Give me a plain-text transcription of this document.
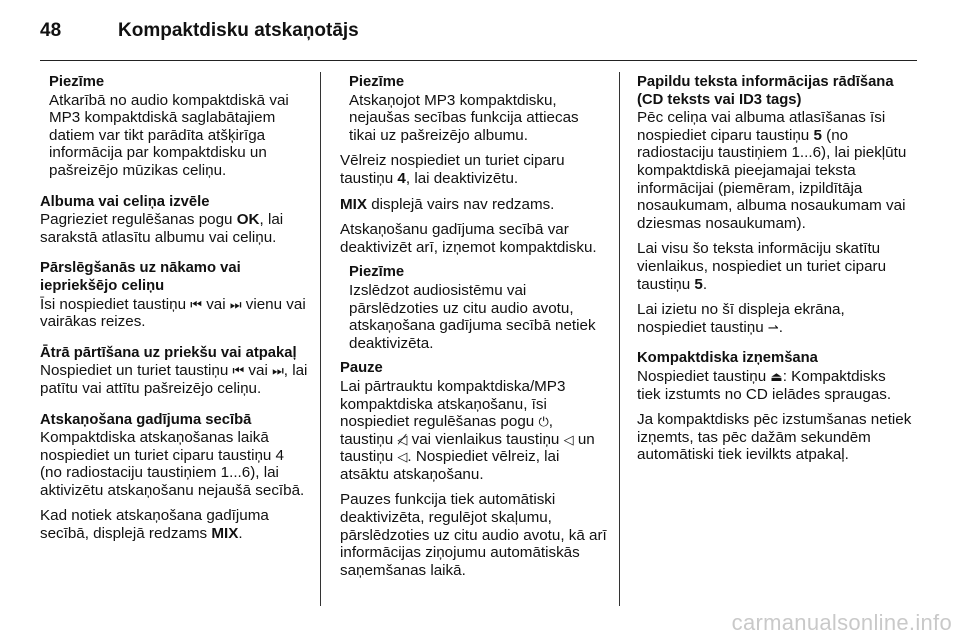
48	Kompaktdisku atskaņotājs
Piezīme
Atkarībā no audio kompaktdiskā vai MP3 kompaktdiskā saglabātajiem datiem var tikt parādīta atšķirīga informācija par kompaktdisku un pašreizējo mūzikas celiņu.
Albuma vai celiņa izvēle

Pagrieziet regulēšanas pogu OK, lai sarakstā atlasītu albumu vai celiņu.

Pārslēgšanās uz nākamo vai iepriekšējo celiņu

Īsi nospiediet taustiņu ⏮ vai ⏭ vienu vai vairākas reizes.

Ātrā pārtīšana uz priekšu vai atpakaļ

Nospiediet un turiet taustiņu ⏮ vai ⏭, lai patītu vai attītu pašreizējo celiņu.

Atskaņošana gadījuma secībā

Kompaktdiska atskaņošanas laikā nospiediet un turiet ciparu taustiņu 4 (no radiostaciju taustiņiem 1...6), lai aktivizētu atskaņošanu nejaušā secībā.

Kad notiek atskaņošana gadījuma secībā, displejā redzams MIX.

Piezīme
Atskaņojot MP3 kompaktdisku, nejaušas secības funkcija attiecas tikai uz pašreizējo albumu.

Vēlreiz nospiediet un turiet ciparu taustiņu 4, lai deaktivizētu.

MIX displejā vairs nav redzams.

Atskaņošanu gadījuma secībā var deaktivizēt arī, izņemot kompaktdisku.

Piezīme
Izslēdzot audiosistēmu vai pārslēdzoties uz citu audio avotu, atskaņošana gadījuma secībā netiek deaktivizēta.
Pauze

Lai pārtrauktu kompaktdiska/MP3 kompaktdiska atskaņošanu, īsi nospiediet regulēšanas pogu ⏻, taustiņu ◁̸ vai vienlaikus taustiņu ◁ un taustiņu ◁. Nospiediet vēlreiz, lai atsāktu atskaņošanu.

Pauzes funkcija tiek automātiski deaktivizēta, regulējot skaļumu, pārslēdzoties uz citu audio avotu, kā arī informācijas ziņojumu automātiskās saņemšanas laikā.

Papildu teksta informācijas rādīšana (CD teksts vai ID3 tags)

Pēc celiņa vai albuma atlasīšanas īsi nospiediet ciparu taustiņu 5 (no radiostaciju taustiņiem 1...6), lai piekļūtu kompaktdiskā pieejamajai teksta informācijai (piemēram, izpildītāja nosaukumam, albuma nosaukumam vai dziesmas nosaukumam).

Lai visu šo teksta informāciju skatītu vienlaikus, nospiediet un turiet ciparu taustiņu 5.

Lai izietu no šī displeja ekrāna, nospiediet taustiņu ⇀.

Kompaktdiska izņemšana

Nospiediet taustiņu ⏏: Kompaktdisks tiek izstumts no CD ielādes spraugas.

Ja kompaktdisks pēc izstumšanas netiek izņemts, tas pēc dažām sekundēm automātiski tiek ievilkts atpakaļ.

carmanualsonline.info
